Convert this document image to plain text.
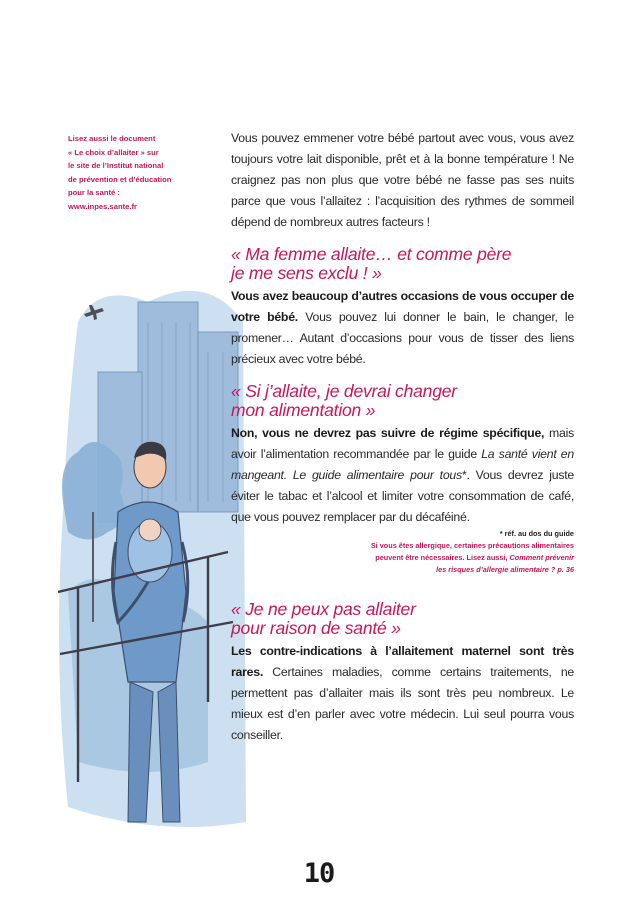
Lisez aussi le document
« Le choix d’allaiter » sur
le site de l’Institut national
de prévention et d’éducation
pour la santé :
www.inpes.sante.fr

Vous pouvez emmener votre bébé partout avec vous, vous avez toujours votre lait disponible, prêt et à la bonne température ! Ne craignez pas non plus que votre bébé ne fasse pas ses nuits parce que vous l’allaitez : l’acquisition des rythmes de sommeil dépend de nombreux autres facteurs !

« Ma femme allaite… et comme père
je me sens exclu ! »

Vous avez beaucoup d’autres occasions de vous occuper de votre bébé. Vous pouvez lui donner le bain, le changer, le promener… Autant d’occasions pour vous de tisser des liens précieux avec votre bébé.

« Si j’allaite, je devrai changer
mon alimentation »

Non, vous ne devrez pas suivre de régime spécifique, mais avoir l’alimentation recommandée par le guide La santé vient en mangeant. Le guide alimentaire pour tous*. Vous devrez juste éviter le tabac et l’alcool et limiter votre consommation de café, que vous pouvez remplacer par du décaféiné.

* réf. au dos du guide
Si vous êtes allergique, certaines précautions alimentaires
peuvent être nécessaires. Lisez aussi, Comment prévenir
les risques d’allergie alimentaire ? p. 36
« Je ne peux pas allaiter
pour raison de santé »

Les contre-indications à l’allaitement maternel sont très rares. Certaines maladies, comme certains traitements, ne permettent pas d’allaiter mais ils sont très peu nombreux. Le mieux est d’en parler avec votre médecin. Lui seul pourra vous conseiller.

10
